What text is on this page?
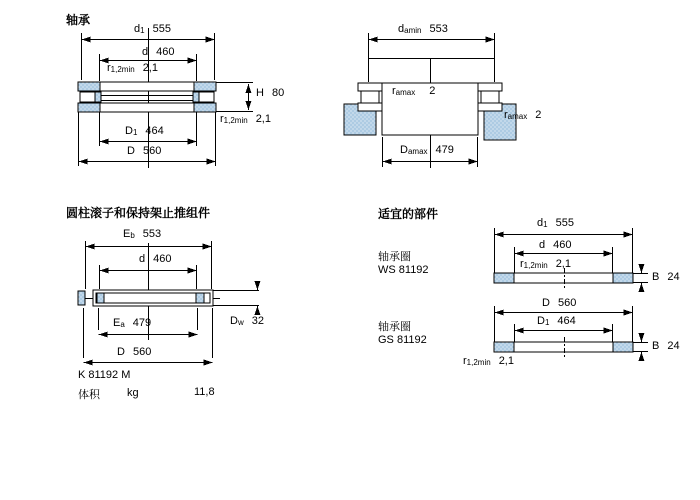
轴承
圆柱滚子和保持架止推组件	适宜的部件
d 1 555
d 460
r 1,2min 2,1
H 80
r 1,2min 2,1
D 1 464
D 560
d amin 553
r amax 2
r amax 2
D amax 479
E b 553
d 460
D w 32
E a 479
D 560
K 81192 M
体积 kg	11,8
轴承圈
WS 81192
轴承圈
GS 81192
d 1 555
d 460
r 1,2min 2,1
B 24
D 560
D 1 464
B 24
r 1,2min 2,1
